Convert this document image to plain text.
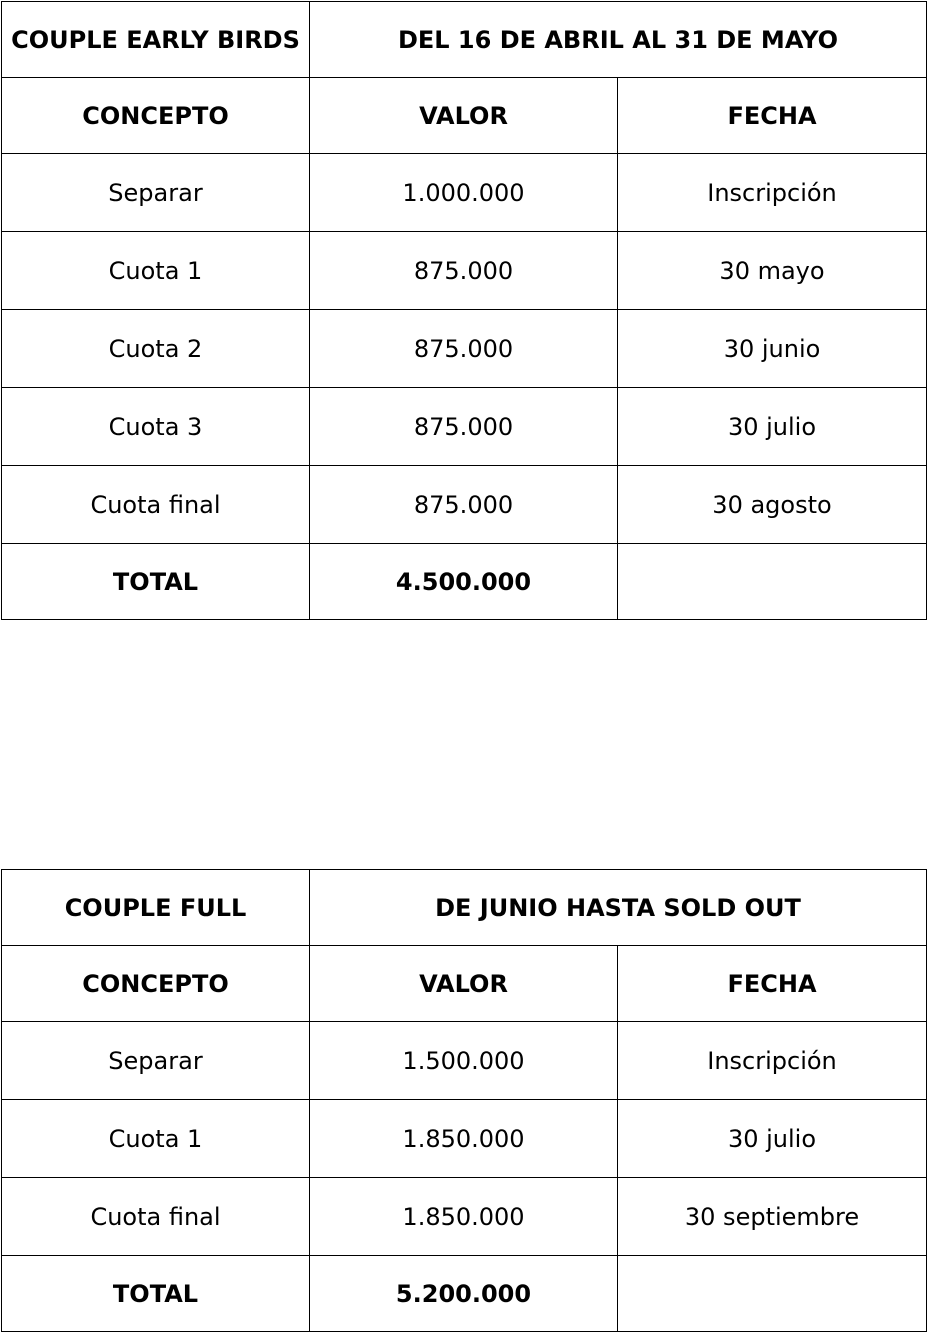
COUPLE EARLY BIRDS	DEL 16 DE ABRIL AL 31 DE MAYO	
CONCEPTO	VALOR	FECHA
Separar	1.000.000	Inscripción
Cuota 1	875.000	30 mayo
Cuota 2	875.000	30 junio
Cuota 3	875.000	30 julio
Cuota final	875.000	30 agosto
TOTAL	4.500.000	
COUPLE FULL	DE JUNIO HASTA SOLD OUT	
CONCEPTO	VALOR	FECHA
Separar	1.500.000	Inscripción
Cuota 1	1.850.000	30 julio
Cuota final	1.850.000	30 septiembre
TOTAL	5.200.000	
